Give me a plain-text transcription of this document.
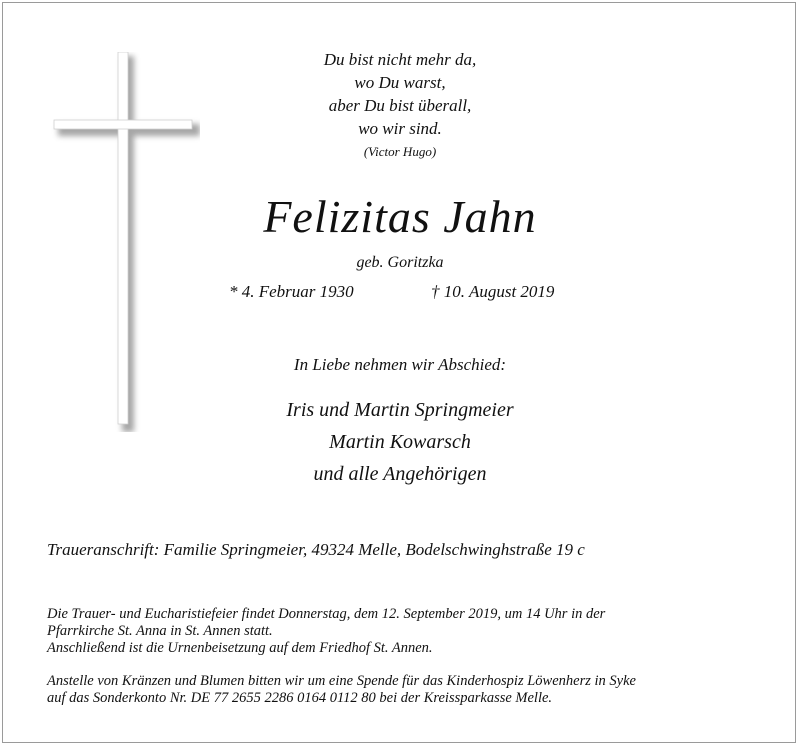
Du bist nicht mehr da,
wo Du warst,
aber Du bist überall,
wo wir sind.
(Victor Hugo)
Felizitas Jahn
geb. Goritzka
* 4. Februar 1930	† 10. August 2019
In Liebe nehmen wir Abschied:
Iris und Martin Springmeier
Martin Kowarsch
und alle Angehörigen
Traueranschrift: Familie Springmeier, 49324 Melle, Bodelschwinghstraße 19 c

Die Trauer- und Eucharistiefeier findet Donnerstag, dem 12. September 2019, um 14 Uhr in der

Pfarrkirche St. Anna in St. Annen statt.

Anschließend ist die Urnenbeisetzung auf dem Friedhof St. Annen.

Anstelle von Kränzen und Blumen bitten wir um eine Spende für das Kinderhospiz Löwenherz in Syke

auf das Sonderkonto Nr. DE 77 2655 2286 0164 0112 80 bei der Kreissparkasse Melle.
